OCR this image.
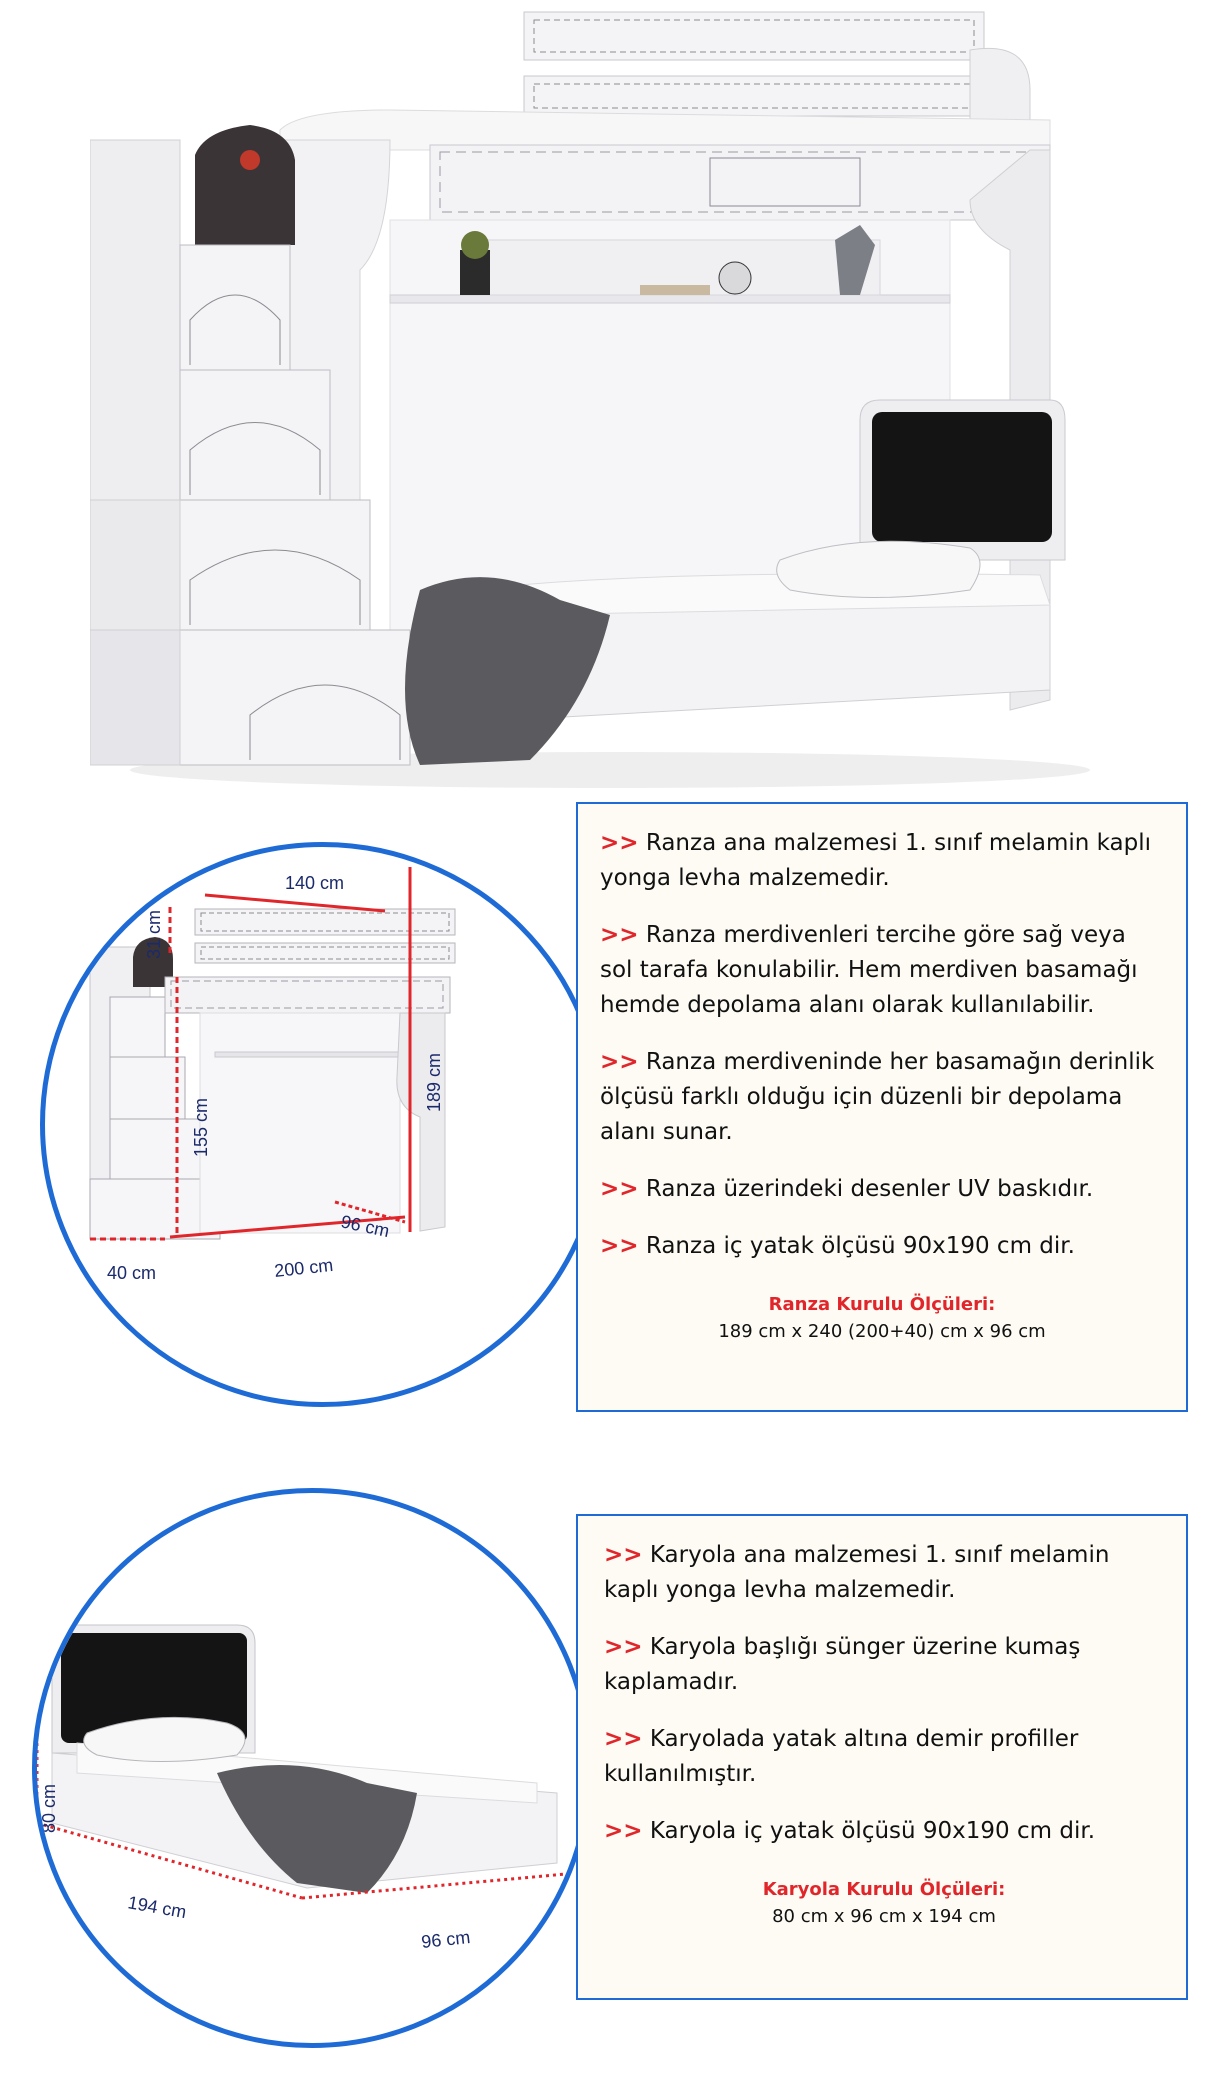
140 cm
31 cm
189 cm
155 cm
96 cm
200 cm
40 cm

>> Ranza ana malzemesi 1. sınıf melamin kaplı yonga levha malzemedir.

>> Ranza merdivenleri tercihe göre sağ veya sol tarafa konulabilir. Hem merdiven basamağı hemde depolama alanı olarak kullanılabilir.

>> Ranza merdiveninde her basamağın derinlik ölçüsü farklı olduğu için düzenli bir depolama alanı sunar.

>> Ranza üzerindeki desenler UV baskıdır.

>> Ranza iç yatak ölçüsü 90x190 cm dir.

Ranza Kurulu Ölçüleri:
189 cm x 240 (200+40) cm x 96 cm
80 cm
194 cm
96 cm

>> Karyola ana malzemesi 1. sınıf melamin kaplı yonga levha malzemedir.

>> Karyola başlığı sünger üzerine kumaş kaplamadır.

>> Karyolada yatak altına demir profiller kullanılmıştır.

>> Karyola iç yatak ölçüsü 90x190 cm dir.

Karyola Kurulu Ölçüleri:
80 cm x 96 cm x 194 cm
